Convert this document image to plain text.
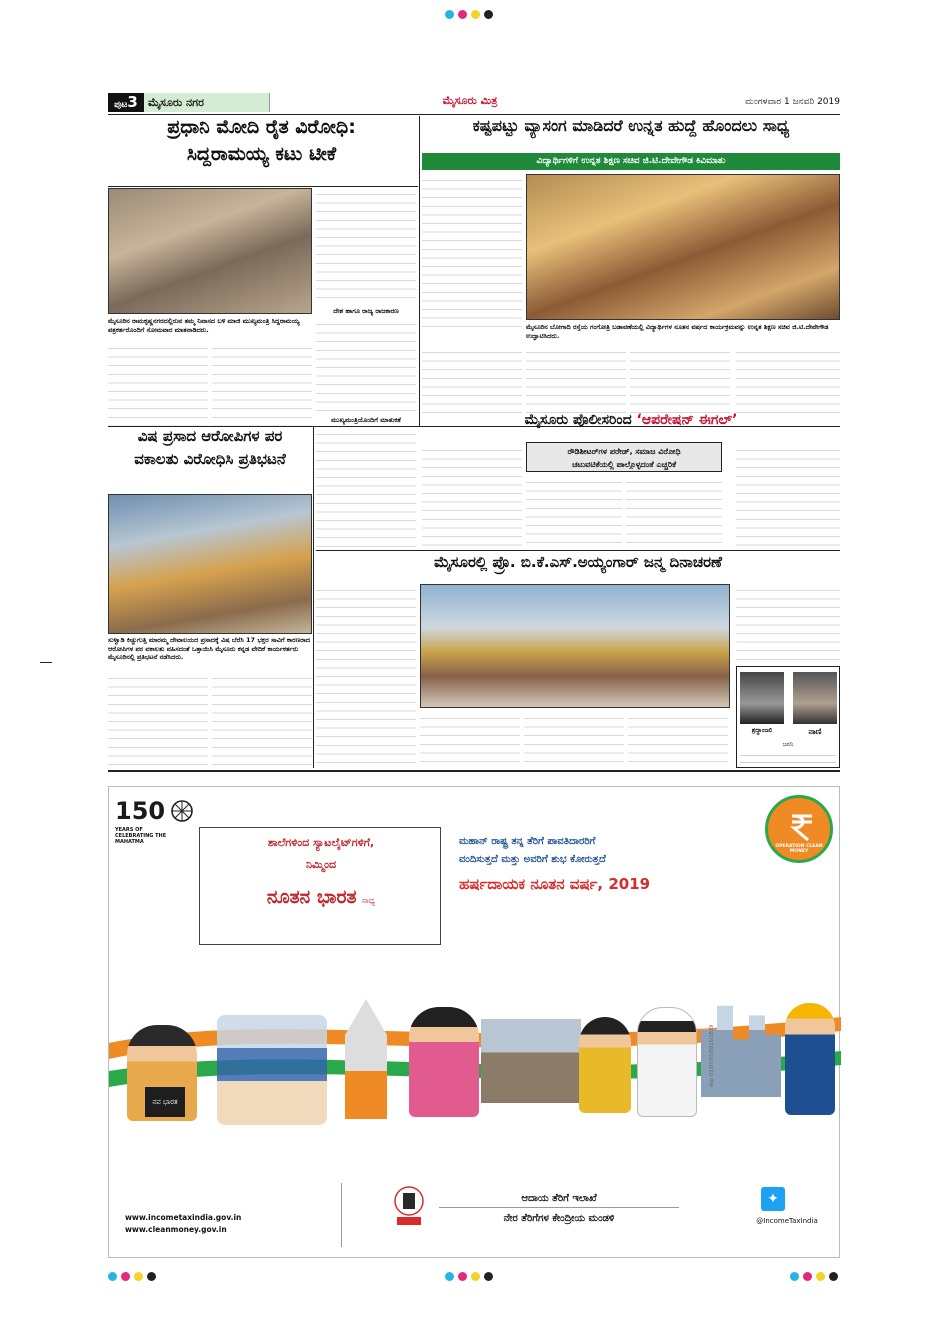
ಪುಟ3 ಮೈಸೂರು ನಗರ	ಮೈಸೂರು ಮಿತ್ರ	ಮಂಗಳವಾರ 1 ಜನವರಿ 2019
ಪ್ರಧಾನಿ ಮೋದಿ ರೈತ ವಿರೋಧಿ:
ಸಿದ್ದರಾಮಯ್ಯ ಕಟು ಟೀಕೆ
ಮೈಸೂರಿನ ರಾಮಕೃಷ್ಣನಗರದಲ್ಲಿರುವ ತಮ್ಮ ನಿವಾಸದ ಬಳಿ ಮಾಜಿ ಮುಖ್ಯಮಂತ್ರಿ ಸಿದ್ದರಾಮಯ್ಯ ಪತ್ರಕರ್ತರೊಂದಿಗೆ ಸೋಮವಾರ ಮಾತನಾಡಿದರು.
ದೇಶ ಹಾಗೂ ರಾಜ್ಯ ರಾಜಕಾರಣ
ಮುಖ್ಯಮಂತ್ರಿಯೊಂದಿಗೆ ಮಾತುಕತೆ
ಕಷ್ಟಪಟ್ಟು ವ್ಯಾಸಂಗ ಮಾಡಿದರೆ ಉನ್ನತ ಹುದ್ದೆ ಹೊಂದಲು ಸಾಧ್ಯ
ವಿದ್ಯಾರ್ಥಿಗಳಿಗೆ ಉನ್ನತ ಶಿಕ್ಷಣ ಸಚಿವ ಜಿ.ಟಿ.ದೇವೇಗೌಡ ಕಿವಿಮಾತು
ಮೈಸೂರಿನ ಬೋಗಾದಿ ರಸ್ತೆಯ ಗಂಗೋತ್ರಿ ಬಡಾವಣೆಯಲ್ಲಿ ವಿದ್ಯಾರ್ಥಿಗಳ ನೂತನ ವರ್ಷದ ಕಾರ್ಯಕ್ರಮವನ್ನು ಉನ್ನತ ಶಿಕ್ಷಣ ಸಚಿವ ಜಿ.ಟಿ.ದೇವೇಗೌಡ ಉದ್ಘಾಟಿಸಿದರು.
ವಿಷ ಪ್ರಸಾದ ಆರೋಪಿಗಳ ಪರ
ವಕಾಲತು ವಿರೋಧಿಸಿ ಪ್ರತಿಭಟನೆ
ಸುಳ್ವಾಡಿ ಕಿಚ್ಚುಗುತ್ತಿ ಮಾರಮ್ಮ ದೇವಾಲಯದ ಪ್ರಸಾದಕ್ಕೆ ವಿಷ ಬೆರೆಸಿ 17 ಭಕ್ತರ ಸಾವಿಗೆ ಕಾರಣರಾದ ಆರೋಪಿಗಳ ಪರ ವಕಾಲತು ವಹಿಸದಂತೆ ಒತ್ತಾಯಿಸಿ ಮೈಸೂರು ಕನ್ನಡ ವೇದಿಕೆ ಕಾರ್ಯಕರ್ತರು ಮೈಸೂರಿನಲ್ಲಿ ಪ್ರತಿಭಟನೆ ನಡೆಸಿದರು.
ಮೈಸೂರು ಪೊಲೀಸರಿಂದ ‘ಆಪರೇಷನ್ ಈಗಲ್’
ರೌಡಿಶೀಟರ್‌ಗಳ ಪರೇಡ್, ಸಮಾಜ ವಿರೋಧಿ
ಚಟುವಟಿಕೆಯಲ್ಲಿ ಪಾಲ್ಗೊಳ್ಳದಂತೆ ಎಚ್ಚರಿಕೆ
ಮೈಸೂರಲ್ಲಿ ಪ್ರೊ. ಬಿ.ಕೆ.ಎಸ್.ಅಯ್ಯಂಗಾರ್ ಜನ್ಮ ದಿನಾಚರಣೆ
ಶ್ರದ್ಧಾಂಜಲಿ	ನಾಣಿ
ಜನನಿ
150
YEARS OF CELEBRATING THE MAHATMA	ಶಾಲೆಗಳಿಂದ ಸ್ಯಾಟಲೈಟ್‌ಗಳಿಗೆ,
ನಿಮ್ಮಿಂದ
ನೂತನ ಭಾರತ ಸಾಧ್ಯ
ಮಹಾನ್ ರಾಷ್ಟ್ರ ತನ್ನ ತೆರಿಗೆ ಪಾವತಿದಾರರಿಗೆ
ವಂದಿಸುತ್ತದೆ ಮತ್ತು ಅವರಿಗೆ ಶುಭ ಕೋರುತ್ತದೆ
ಹರ್ಷದಾಯಕ ನೂತನ ವರ್ಷ, 2019
OPERATION CLEAN MONEY
ನವ ಭಾರತ
www.incometaxindia.gov.in
www.cleanmoney.gov.in
ಆದಾಯ ತೆರಿಗೆ ಇಲಾಖೆ
ನೇರ ತೆರಿಗೆಗಳ ಕೇಂದ್ರೀಯ ಮಂಡಳಿ
✦
@IncomeTaxIndia
dvp 02/07/05/0026/1819
